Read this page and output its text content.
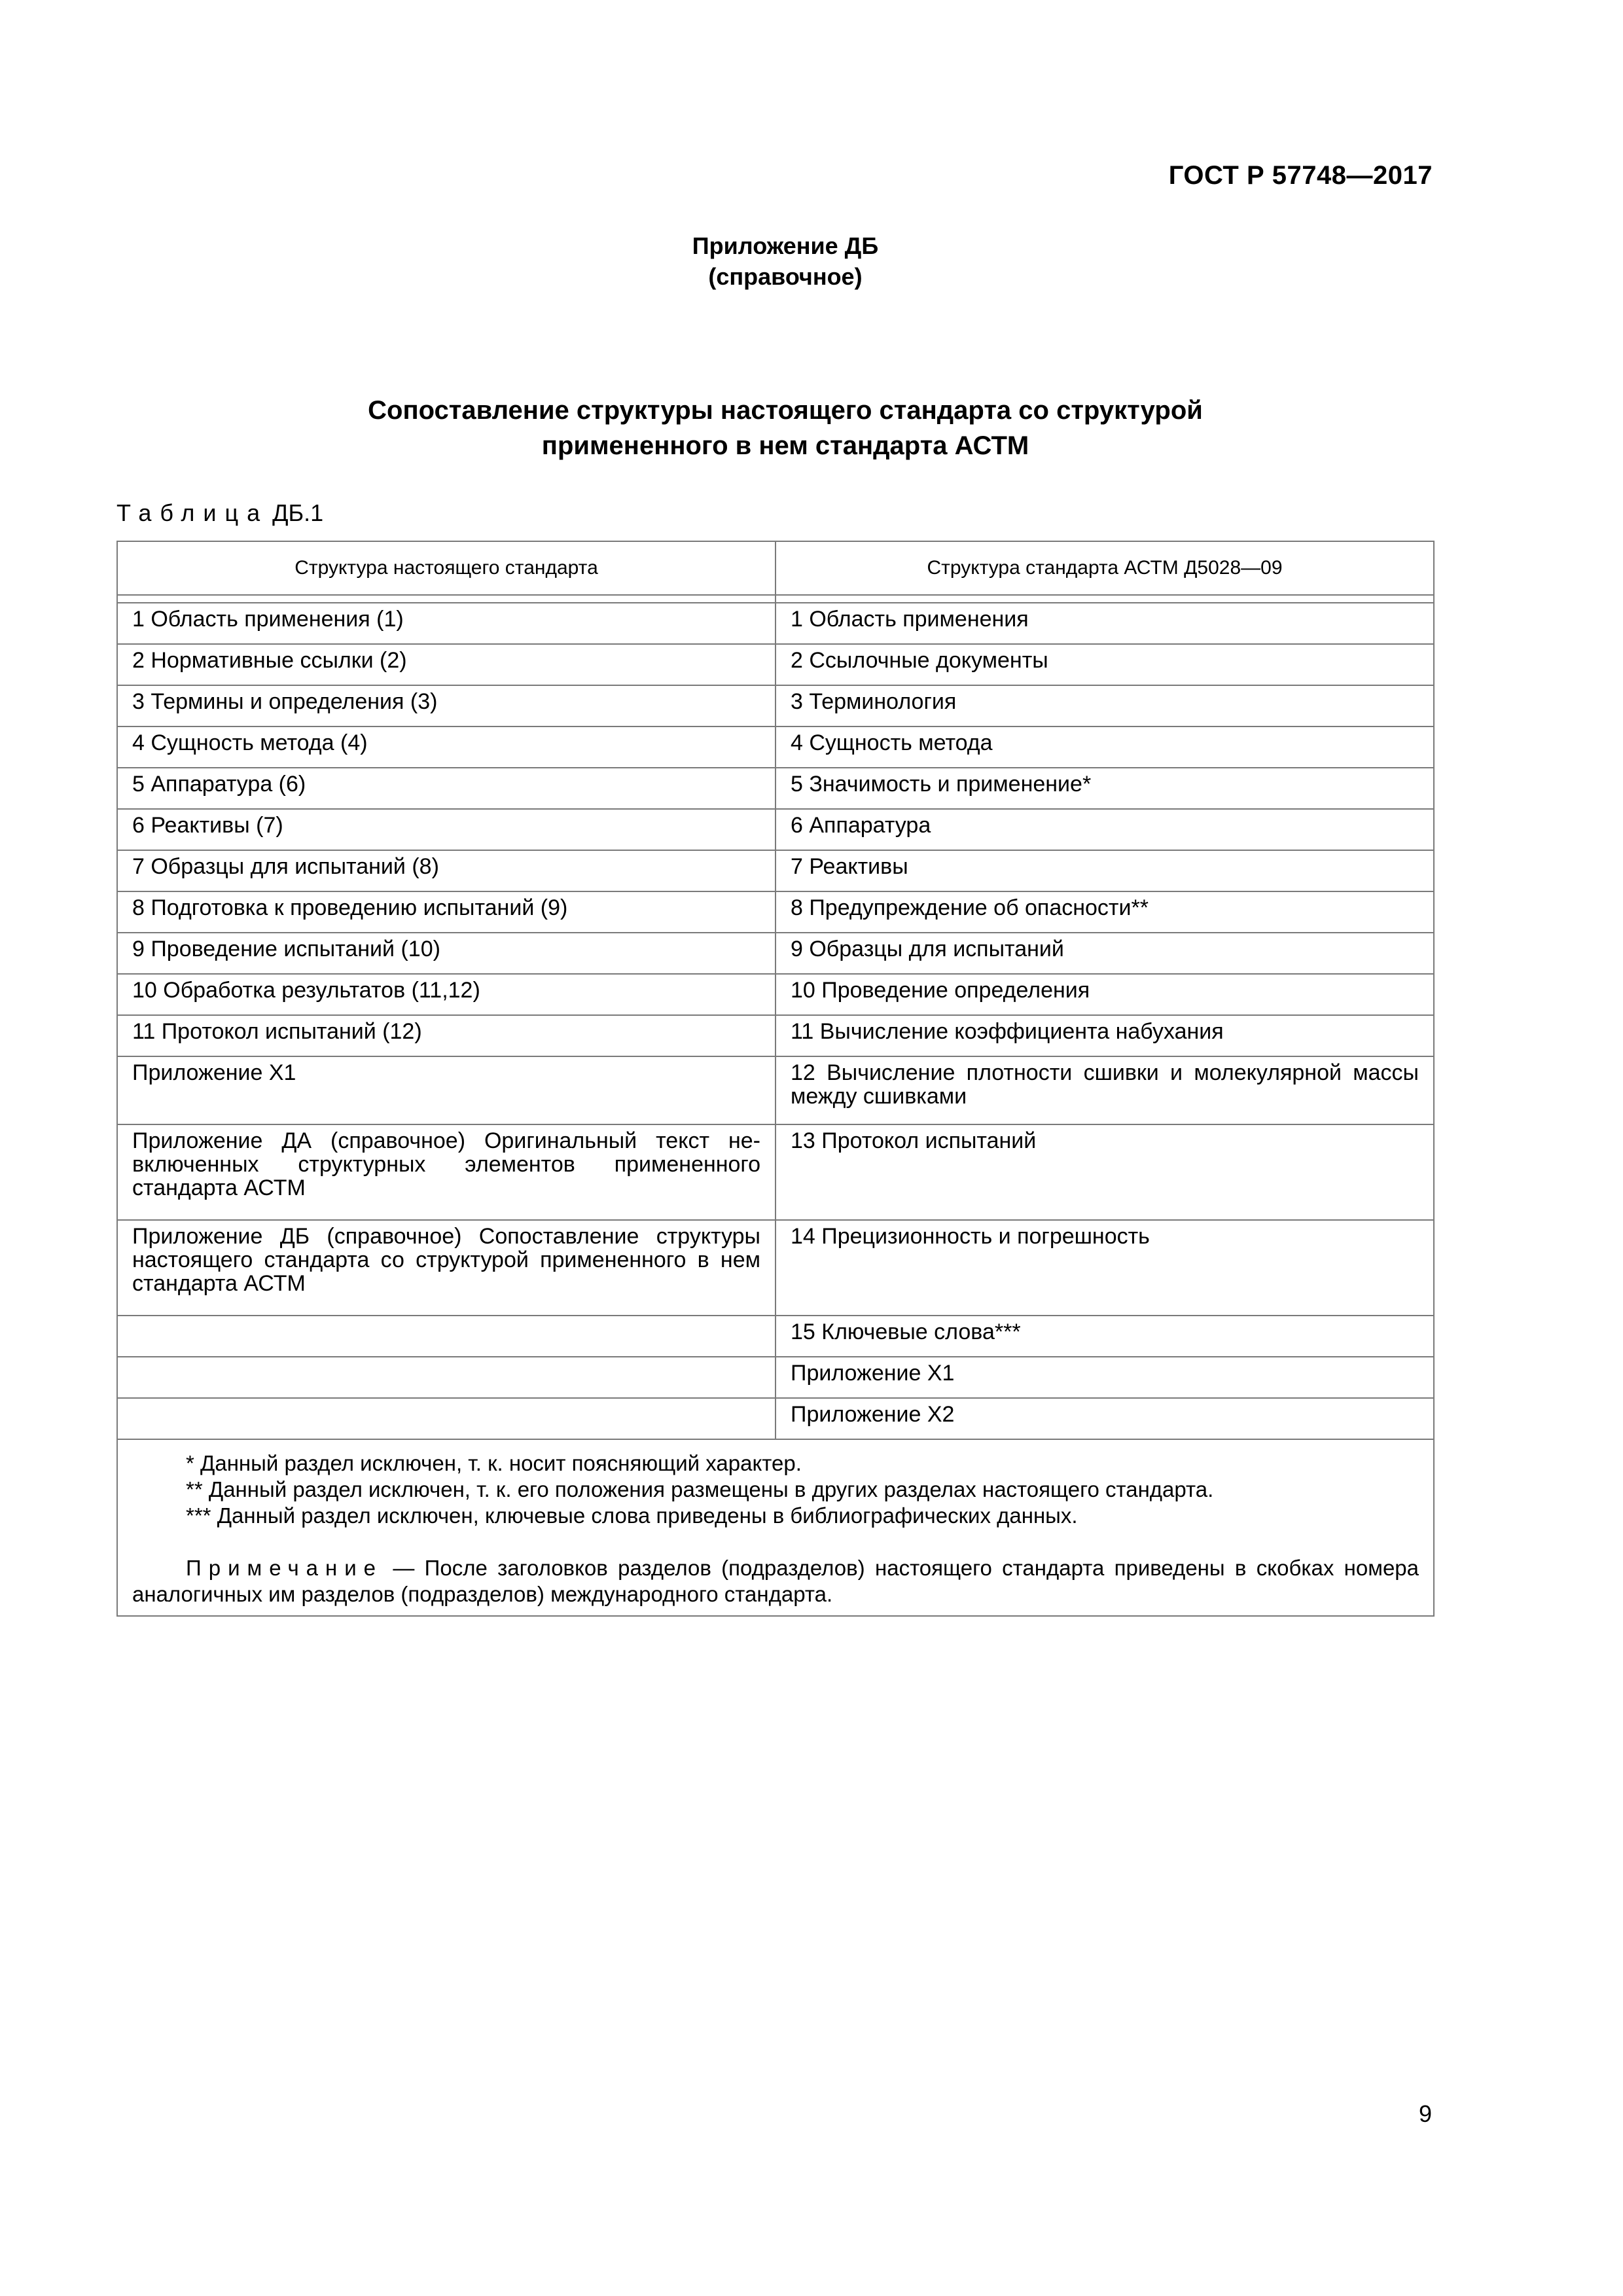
ГОСТ Р 57748—2017
Приложение ДБ
(справочное)
Сопоставление структуры настоящего стандарта со структурой
примененного в нем стандарта АСТМ
Таблица ДБ.1
Структура настоящего стандарта	Структура стандарта АСТМ Д5028—09

1 Область применения (1)	1 Область применения
2 Нормативные ссылки (2)	2 Ссылочные документы
3 Термины и определения (3)	3 Терминология
4 Сущность метода (4)	4 Сущность метода
5 Аппаратура (6)	5 Значимость и применение*
6 Реактивы (7)	6 Аппаратура
7 Образцы для испытаний (8)	7 Реактивы
8 Подготовка к проведению испытаний (9)	8 Предупреждение об опасности**
9 Проведение испытаний (10)	9 Образцы для испытаний
10 Обработка результатов (11,12)	10 Проведение определения
11 Протокол испытаний (12)	11 Вычисление коэффициента набухания
Приложение Х1	12 Вычисление плотности сшивки и молекулярной массы между сшивками
Приложение ДА (справочное) Оригинальный текст невключенных структурных элементов примененного стандарта АСТМ	13 Протокол испытаний
Приложение ДБ (справочное) Сопоставление структуры настоящего стандарта со структурой примененного в нем стандарта АСТМ	14 Прецизионность и погрешность
	15 Ключевые слова***
	Приложение Х1
	Приложение Х2

* Данный раздел исключен, т. к. носит поясняющий характер.
** Данный раздел исключен, т. к. его положения размещены в других разделах настоящего стандарта.
*** Данный раздел исключен, ключевые слова приведены в библиографических данных.
Примечание — После заголовков разделов (подразделов) настоящего стандарта приведены в скобках номера аналогичных им разделов (подразделов) международного стандарта.	
9
